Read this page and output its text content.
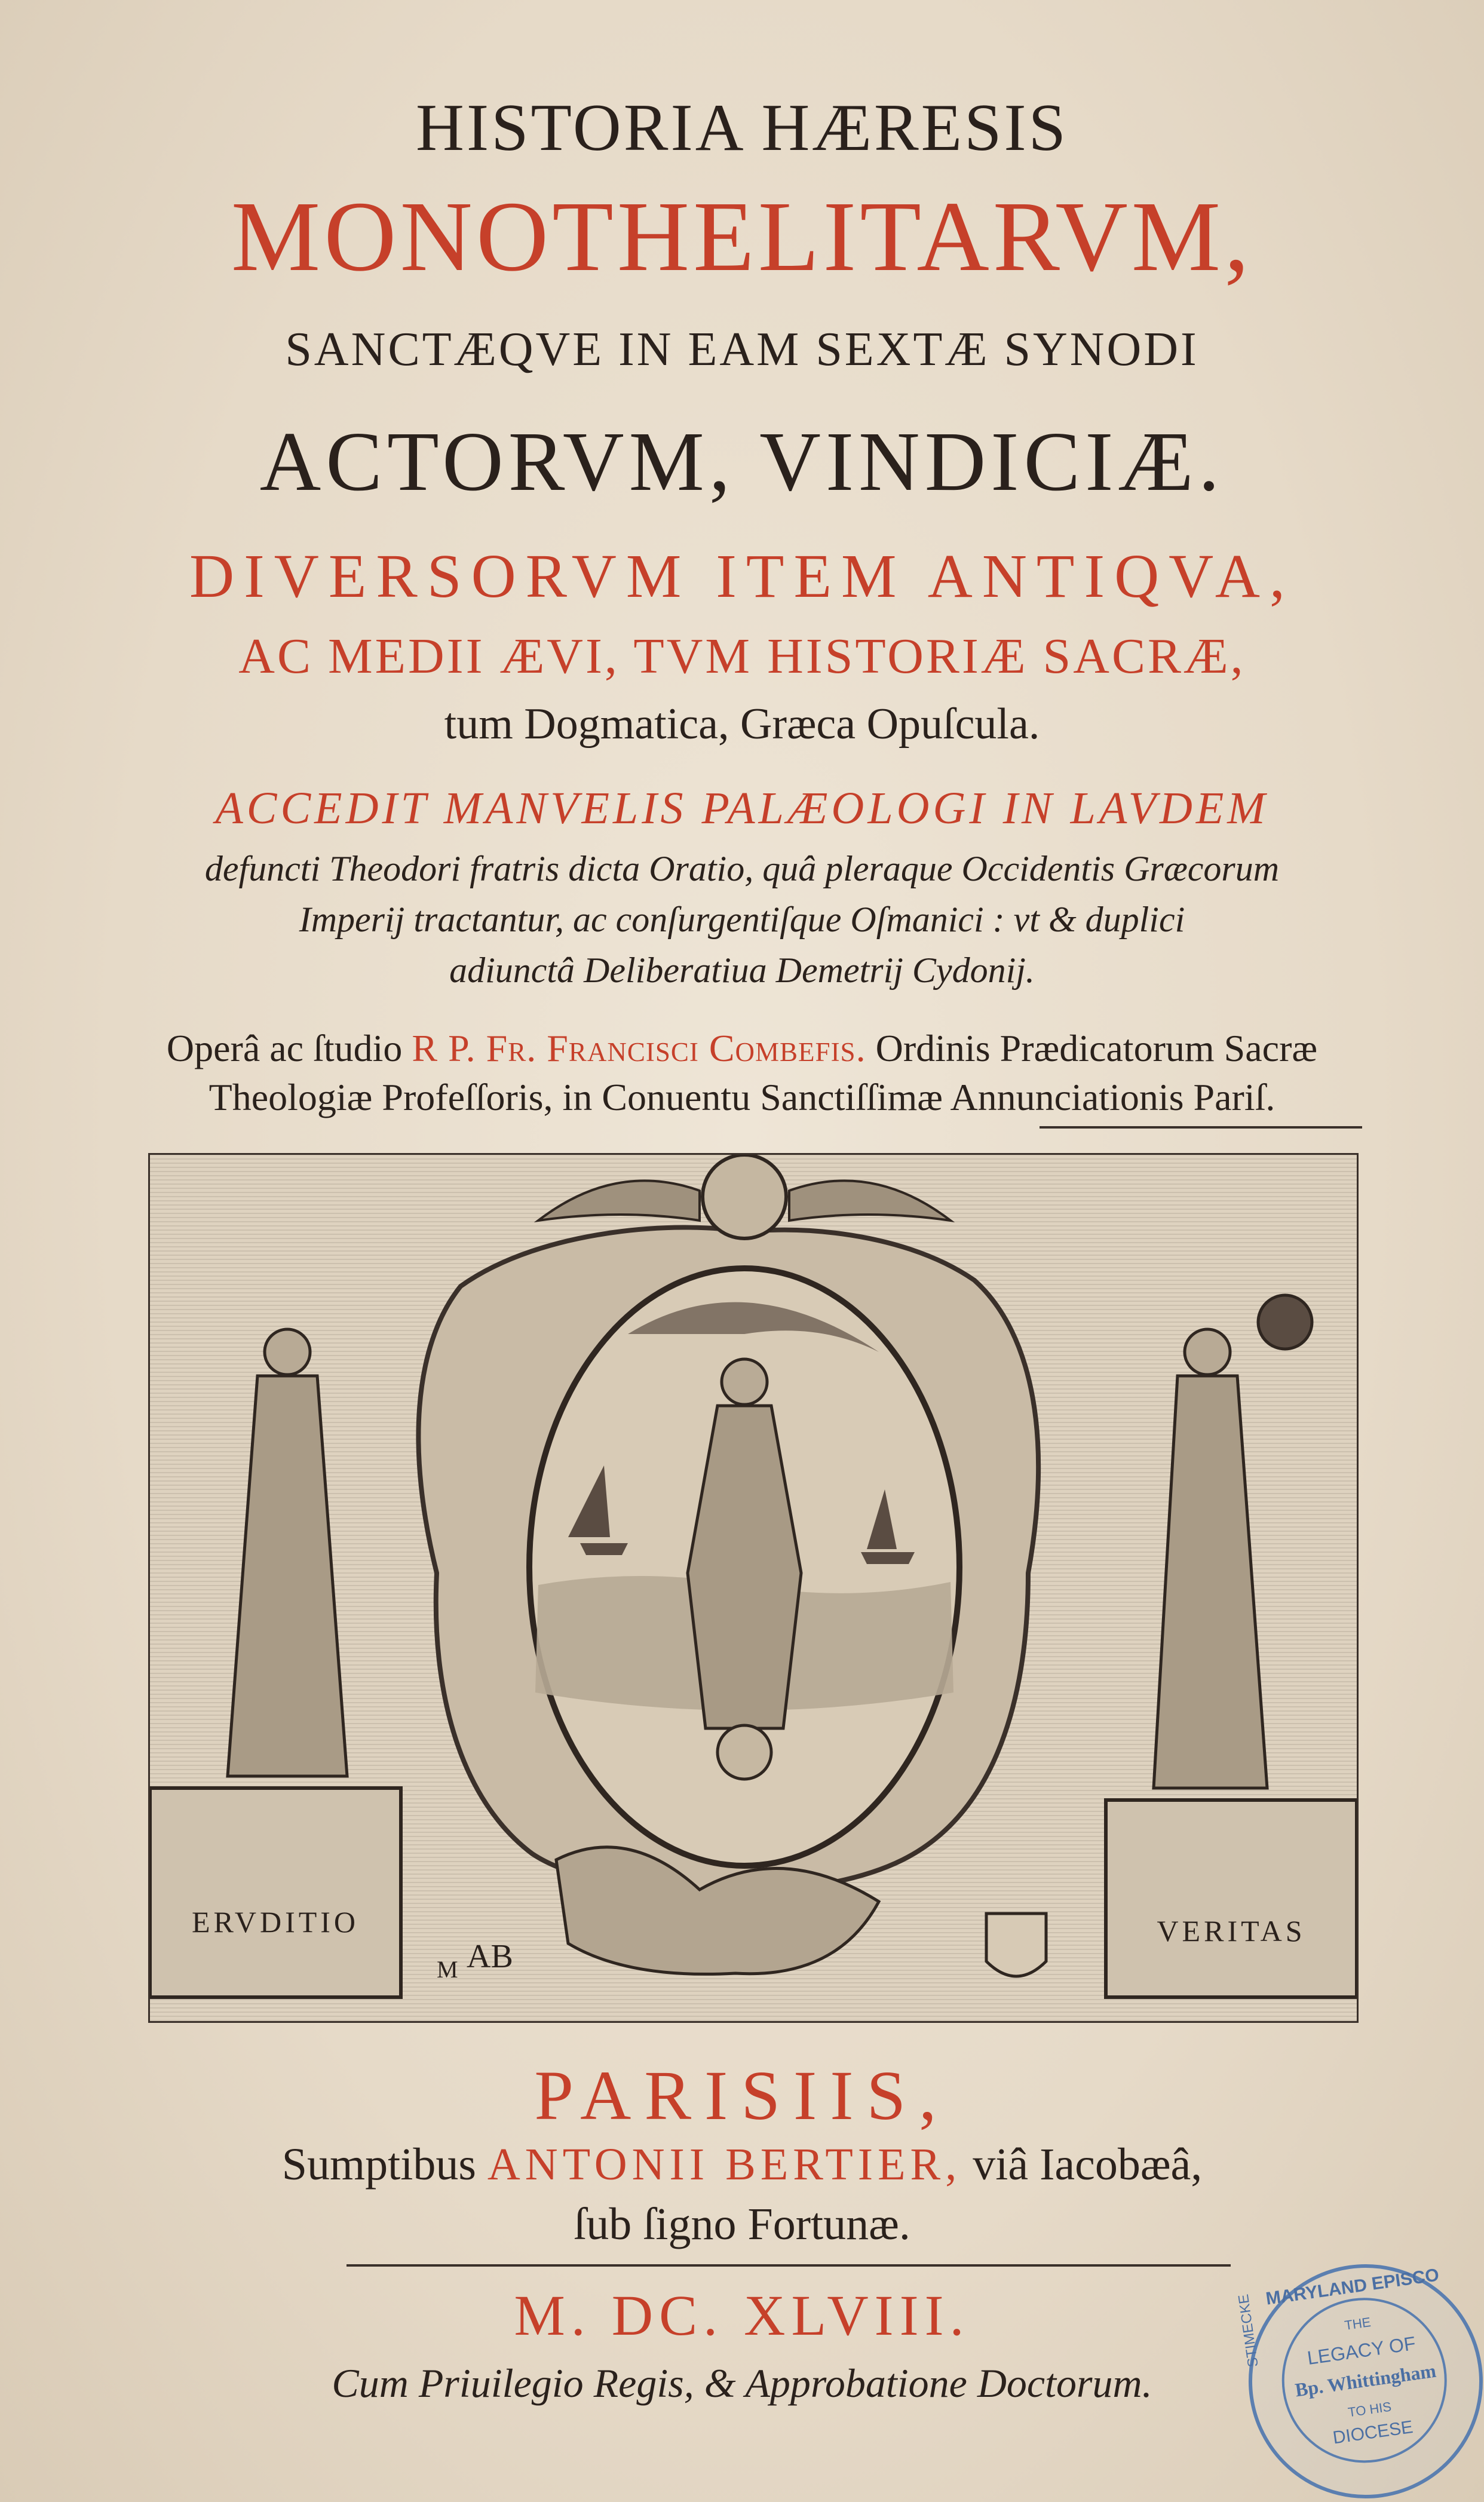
HISTORIA HÆRESIS
MONOTHELITARVM,
SANCTÆQVE IN EAM SEXTÆ SYNODI
ACTORVM, VINDICIÆ.
DIVERSORVM ITEM ANTIQVA,
AC MEDII ÆVI, TVM HISTORIÆ SACRÆ,
tum Dogmatica, Græca Opuſcula.
ACCEDIT MANVELIS PALÆOLOGI IN LAVDEM
defuncti Theodori fratris dicta Oratio, quâ pleraque Occidentis Græcorum
Imperij tractantur, ac conſurgentiſque Oſmanici : vt & duplici
adiunctâ Deliberatiua Demetrij Cydonij.
Operâ ac ſtudio R P. Fr. Francisci Combefis. Ordinis Prædicatorum Sacræ
Theologiæ Profeſſoris, in Conuentu Sanctiſſimæ Annunciationis Pariſ.
ERVDITIO	VERITAS
M AB
PARISIIS,
Sumptibus ANTONII BERTIER, viâ Iacobæâ,
ſub ſigno Fortunæ.
M. DC. XLVIII.
Cum Priuilegio Regis, & Approbatione Doctorum.
MARYLAND EPISCO
THE
LEGACY OF
Bp. Whittingham
TO HIS
DIOCESE
STIMECKE
